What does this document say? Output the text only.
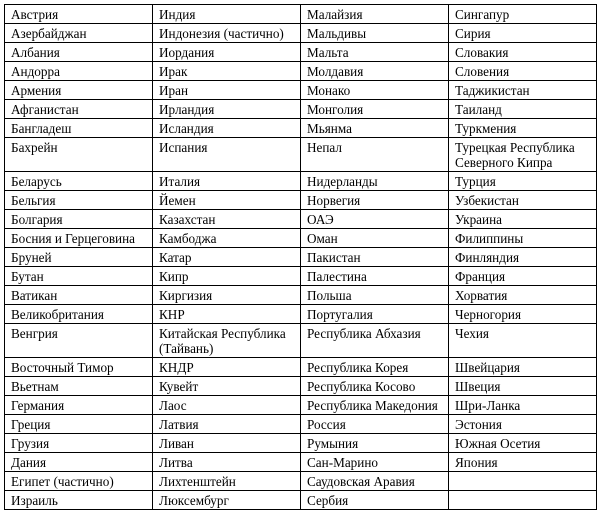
Австрия	Индия	Малайзия	Сингапур
Азербайджан	Индонезия (частично)	Мальдивы	Сирия
Албания	Иордания	Мальта	Словакия
Андорра	Ирак	Молдавия	Словения
Армения	Иран	Монако	Таджикистан
Афганистан	Ирландия	Монголия	Таиланд
Бангладеш	Исландия	Мьянма	Туркмения
Бахрейн	Испания	Непал	Турецкая Республика Северного Кипра
Беларусь	Италия	Нидерланды	Турция
Бельгия	Йемен	Норвегия	Узбекистан
Болгария	Казахстан	ОАЭ	Украина
Босния и Герцеговина	Камбоджа	Оман	Филиппины
Бруней	Катар	Пакистан	Финляндия
Бутан	Кипр	Палестина	Франция
Ватикан	Киргизия	Польша	Хорватия
Великобритания	КНР	Португалия	Черногория
Венгрия	Китайская Республика (Тайвань)	Республика Абхазия	Чехия
Восточный Тимор	КНДР	Республика Корея	Швейцария
Вьетнам	Кувейт	Республика Косово	Швеция
Германия	Лаос	Республика Македония	Шри-Ланка
Греция	Латвия	Россия	Эстония
Грузия	Ливан	Румыния	Южная Осетия
Дания	Литва	Сан-Марино	Япония
Египет (частично)	Лихтенштейн	Саудовская Аравия	
Израиль	Люксембург	Сербия	
